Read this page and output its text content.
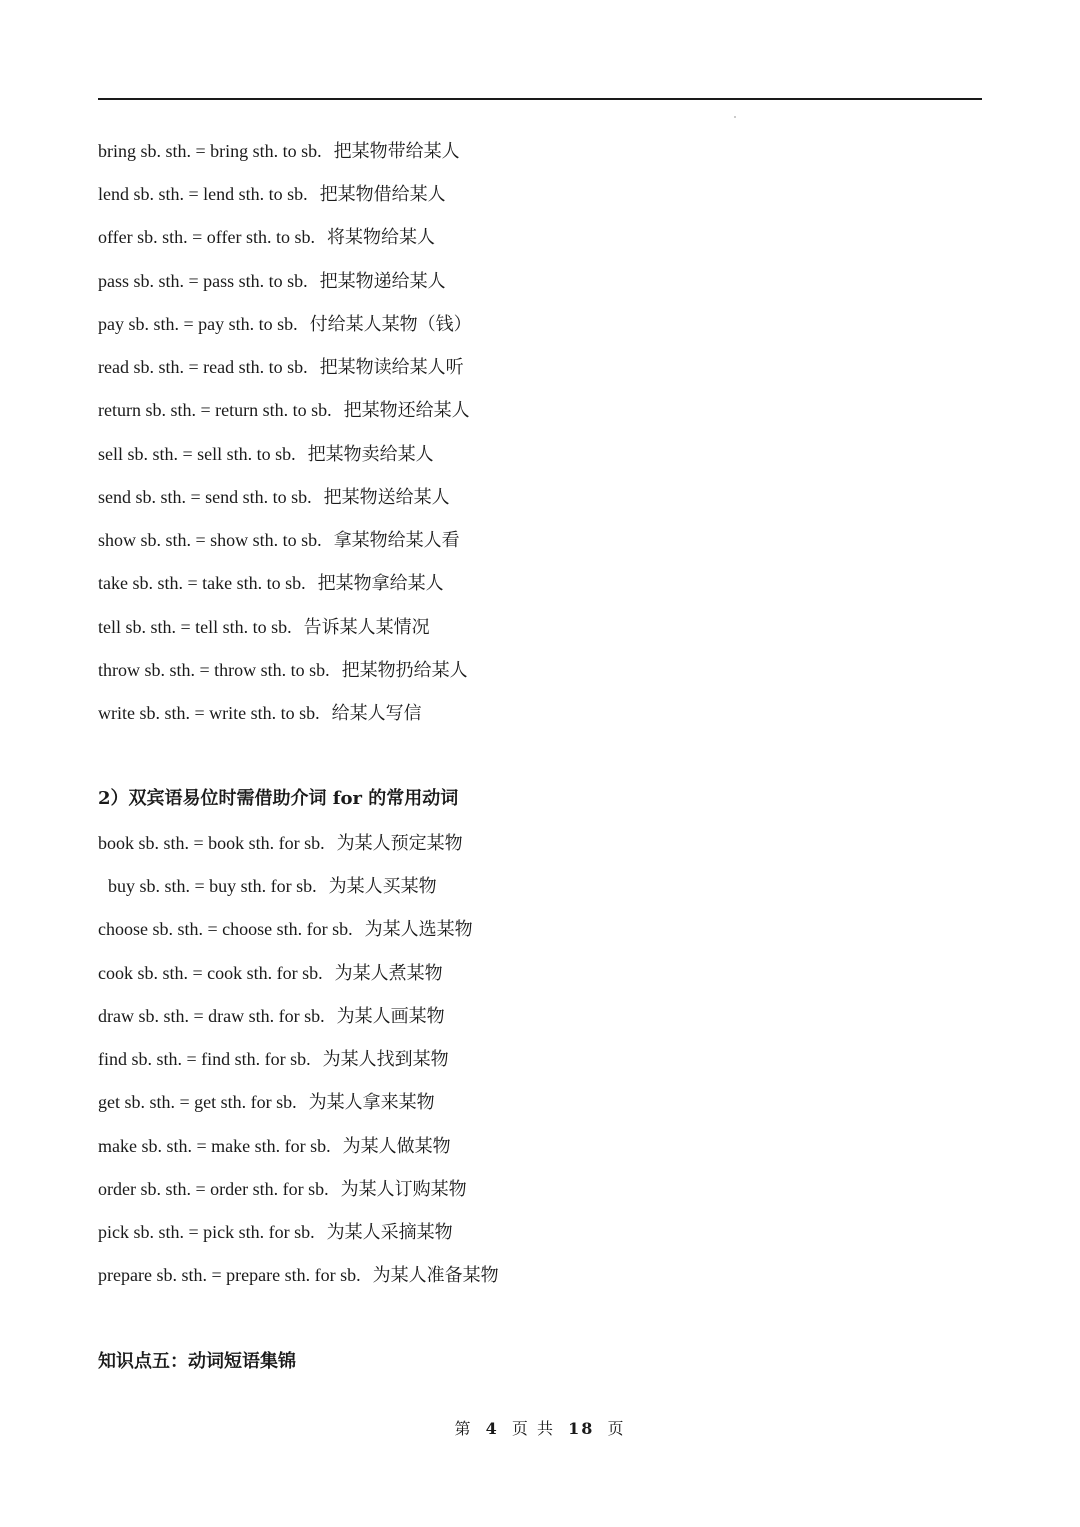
bring sb. sth. = bring sth. to sb. 把某物带给某人
lend sb. sth. = lend sth. to sb. 把某物借给某人
offer sb. sth. = offer sth. to sb. 将某物给某人
pass sb. sth. = pass sth. to sb. 把某物递给某人
pay sb. sth. = pay sth. to sb. 付给某人某物（钱）
read sb. sth. = read sth. to sb. 把某物读给某人听
return sb. sth. = return sth. to sb. 把某物还给某人
sell sb. sth. = sell sth. to sb. 把某物卖给某人
send sb. sth. = send sth. to sb. 把某物送给某人
show sb. sth. = show sth. to sb. 拿某物给某人看
take sb. sth. = take sth. to sb. 把某物拿给某人
tell sb. sth. = tell sth. to sb. 告诉某人某情况
throw sb. sth. = throw sth. to sb. 把某物扔给某人
write sb. sth. = write sth. to sb. 给某人写信
2）双宾语易位时需借助介词 for 的常用动词
book sb. sth. = book sth. for sb. 为某人预定某物
buy sb. sth. = buy sth. for sb. 为某人买某物
choose sb. sth. = choose sth. for sb. 为某人选某物
cook sb. sth. = cook sth. for sb. 为某人煮某物
draw sb. sth. = draw sth. for sb. 为某人画某物
find sb. sth. = find sth. for sb. 为某人找到某物
get sb. sth. = get sth. for sb. 为某人拿来某物
make sb. sth. = make sth. for sb. 为某人做某物
order sb. sth. = order sth. for sb. 为某人订购某物
pick sb. sth. = pick sth. for sb. 为某人采摘某物
prepare sb. sth. = prepare sth. for sb. 为某人准备某物
知识点五：动词短语集锦
第 4 页 共 18 页
